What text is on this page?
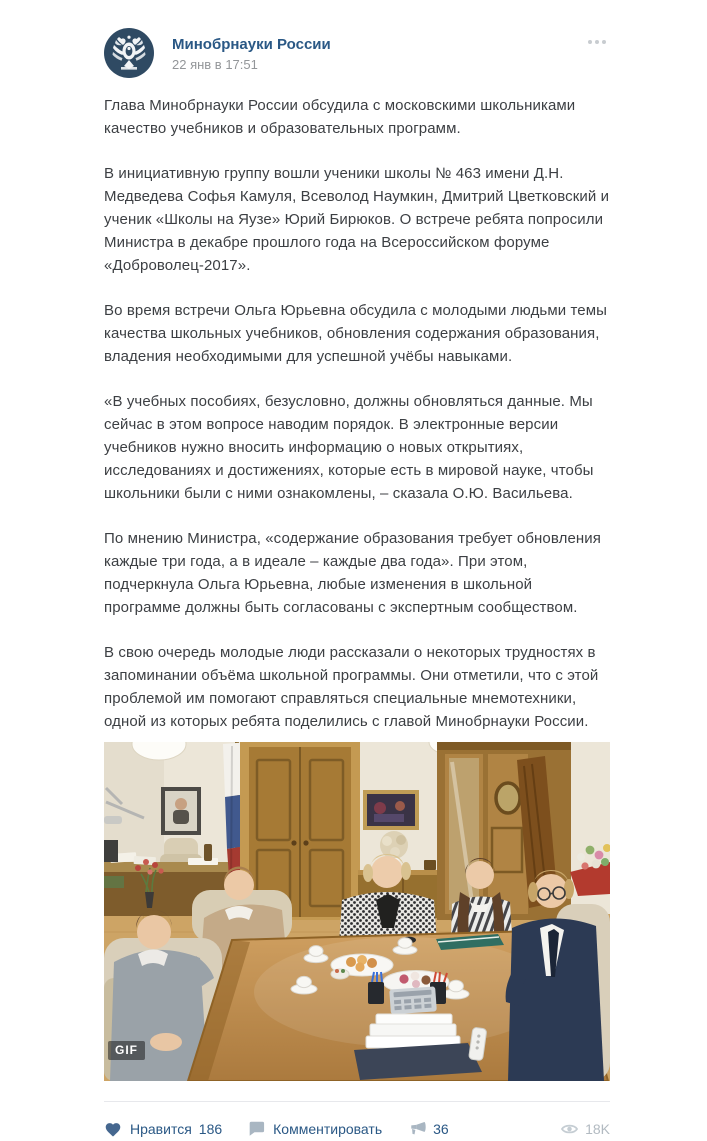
Минобрнауки России
22 янв в 17:51

Глава Минобрнауки России обсудила с московскими школьниками качество учебников и образовательных программ.

В инициативную группу вошли ученики школы № 463 имени Д.Н. Медведева Софья Камуля, Всеволод Наумкин, Дмитрий Цветковский и ученик «Школы на Яузе» Юрий Бирюков. О встрече ребята попросили Министра в декабре прошлого года на Всероссийском форуме «Доброволец-2017».

Во время встречи Ольга Юрьевна обсудила с молодыми людьми темы качества школьных учебников, обновления содержания образования, владения необходимыми для успешной учёбы навыками.

«В учебных пособиях, безусловно, должны обновляться данные. Мы сейчас в этом вопросе наводим порядок. В электронные версии учебников нужно вносить информацию о новых открытиях, исследованиях и достижениях, которые есть в мировой науке, чтобы школьники были с ними ознакомлены, – сказала О.Ю. Васильева.

По мнению Министра, «содержание образования требует обновления каждые три года, а в идеале – каждые два года». При этом, подчеркнула Ольга Юрьевна, любые изменения в школьной программе должны быть согласованы с экспертным сообществом.

В свою очередь молодые люди рассказали о некоторых трудностях в запоминании объёма школьной программы. Они отметили, что с этой проблемой им помогают справляться специальные мнемотехники, одной из которых ребята поделились с главой Минобрнауки России.

GIF
Нравится 186	Комментировать	36	18K
